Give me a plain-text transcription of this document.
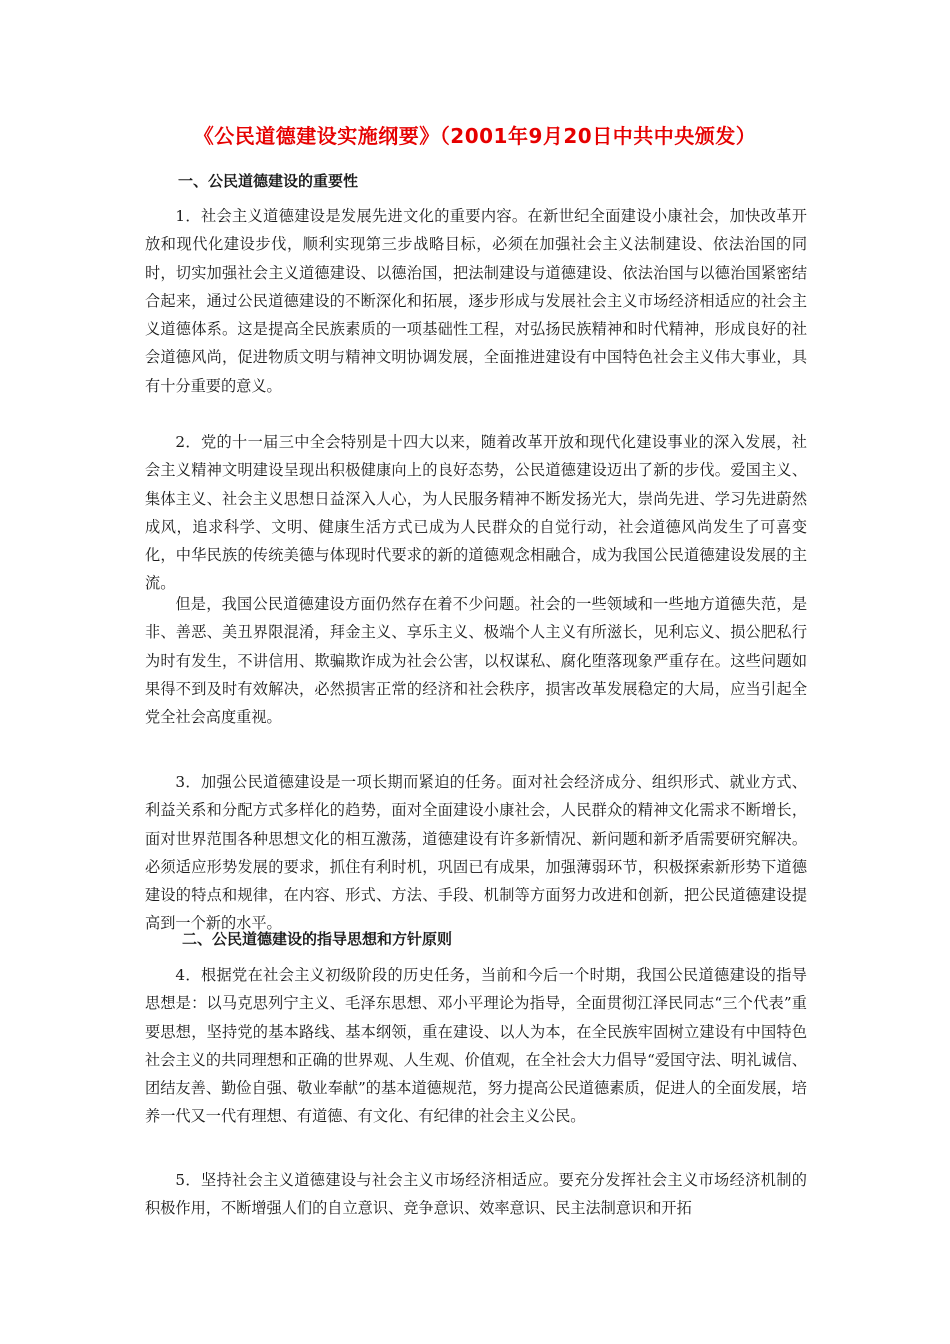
《公民道德建设实施纲要》（2001年9月20日中共中央颁发）
一、公民道德建设的重要性

1．社会主义道德建设是发展先进文化的重要内容。在新世纪全面建设小康社会，加快改革开放和现代化建设步伐，顺利实现第三步战略目标，必须在加强社会主义法制建设、依法治国的同时，切实加强社会主义道德建设、以德治国，把法制建设与道德建设、依法治国与以德治国紧密结合起来，通过公民道德建设的不断深化和拓展，逐步形成与发展社会主义市场经济相适应的社会主义道德体系。这是提高全民族素质的一项基础性工程，对弘扬民族精神和时代精神，形成良好的社会道德风尚，促进物质文明与精神文明协调发展，全面推进建设有中国特色社会主义伟大事业，具有十分重要的意义。

2．党的十一届三中全会特别是十四大以来，随着改革开放和现代化建设事业的深入发展，社会主义精神文明建设呈现出积极健康向上的良好态势，公民道德建设迈出了新的步伐。爱国主义、集体主义、社会主义思想日益深入人心，为人民服务精神不断发扬光大，崇尚先进、学习先进蔚然成风，追求科学、文明、健康生活方式已成为人民群众的自觉行动，社会道德风尚发生了可喜变化，中华民族的传统美德与体现时代要求的新的道德观念相融合，成为我国公民道德建设发展的主流。

但是，我国公民道德建设方面仍然存在着不少问题。社会的一些领域和一些地方道德失范，是非、善恶、美丑界限混淆，拜金主义、享乐主义、极端个人主义有所滋长，见利忘义、损公肥私行为时有发生，不讲信用、欺骗欺诈成为社会公害，以权谋私、腐化堕落现象严重存在。这些问题如果得不到及时有效解决，必然损害正常的经济和社会秩序，损害改革发展稳定的大局，应当引起全党全社会高度重视。

3．加强公民道德建设是一项长期而紧迫的任务。面对社会经济成分、组织形式、就业方式、利益关系和分配方式多样化的趋势，面对全面建设小康社会，人民群众的精神文化需求不断增长，面对世界范围各种思想文化的相互激荡，道德建设有许多新情况、新问题和新矛盾需要研究解决。必须适应形势发展的要求，抓住有利时机，巩固已有成果，加强薄弱环节，积极探索新形势下道德建设的特点和规律，在内容、形式、方法、手段、机制等方面努力改进和创新，把公民道德建设提高到一个新的水平。

二、公民道德建设的指导思想和方针原则

4．根据党在社会主义初级阶段的历史任务，当前和今后一个时期，我国公民道德建设的指导思想是：以马克思列宁主义、毛泽东思想、邓小平理论为指导，全面贯彻江泽民同志“三个代表”重要思想，坚持党的基本路线、基本纲领，重在建设、以人为本，在全民族牢固树立建设有中国特色社会主义的共同理想和正确的世界观、人生观、价值观，在全社会大力倡导“爱国守法、明礼诚信、团结友善、勤俭自强、敬业奉献”的基本道德规范，努力提高公民道德素质，促进人的全面发展，培养一代又一代有理想、有道德、有文化、有纪律的社会主义公民。

5．坚持社会主义道德建设与社会主义市场经济相适应。要充分发挥社会主义市场经济机制的积极作用，不断增强人们的自立意识、竞争意识、效率意识、民主法制意识和开拓
